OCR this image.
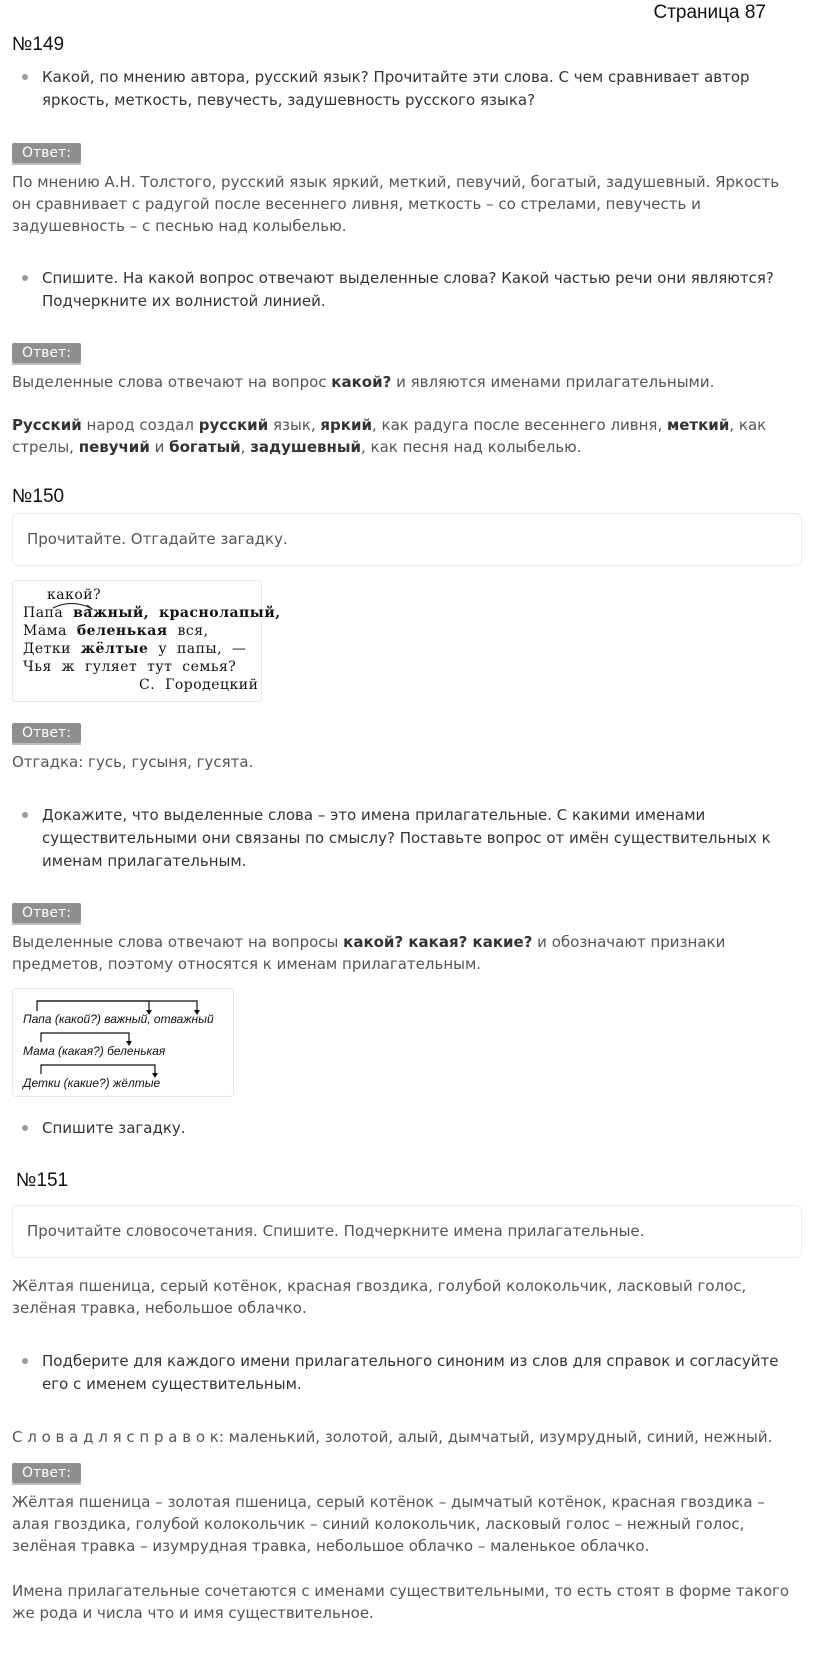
Страница 87
№149
Какой, по мнению автора, русский язык? Прочитайте эти слова. С чем сравнивает автор яркость, меткость, певучесть, задушевность русского языка?
Ответ:
По мнению А.Н. Толстого, русский язык яркий, меткий, певучий, богатый, задушевный. Яркость он сравнивает с радугой после весеннего ливня, меткость – со стрелами, певучесть и задушевность – с песнью над колыбелью.
Спишите. На какой вопрос отвечают выделенные слова? Какой частью речи они являются? Подчеркните их волнистой линией.
Ответ:
Выделенные слова отвечают на вопрос какой? и являются именами прилагательными.
Русский народ создал русский язык, яркий, как радуга после весеннего ливня, меткий, как стрелы, певучий и богатый, задушевный, как песня над колыбелью.
№150
Прочитайте. Отгадайте загадку.
какой?
Папа  важный, краснолапый,
Мама  беленькая  вся,
Детки  жёлтые  у  папы,  —
Чья  ж  гуляет  тут  семья?
С.  Городецкий
Ответ:
Отгадка: гусь, гусыня, гусята.
Докажите, что выделенные слова – это имена прилагательные. С какими именами существительными они связаны по смыслу? Поставьте вопрос от имён существительных к именам прилагательным.
Ответ:
Выделенные слова отвечают на вопросы какой? какая? какие? и обозначают признаки предметов, поэтому относятся к именам прилагательным.
Папа (какой?) важный, отважный
Мама (какая?) беленькая
Детки (какие?) жёлтые
Спишите загадку.
№151
Прочитайте словосочетания. Спишите. Подчеркните имена прилагательные.
Жёлтая пшеница, серый котёнок, красная гвоздика, голубой колокольчик, ласковый голос, зелёная травка, небольшое облачко.
Подберите для каждого имени прилагательного синоним из слов для справок и согласуйте его с именем существительным.
С л о в а д л я с п р а в о к: маленький, золотой, алый, дымчатый, изумрудный, синий, нежный.
Ответ:
Жёлтая пшеница – золотая пшеница, серый котёнок – дымчатый котёнок, красная гвоздика – алая гвоздика, голубой колокольчик – синий колокольчик, ласковый голос – нежный голос, зелёная травка – изумрудная травка, небольшое облачко – маленькое облачко.
Имена прилагательные сочетаются с именами существительными, то есть стоят в форме такого же рода и числа что и имя существительное.
